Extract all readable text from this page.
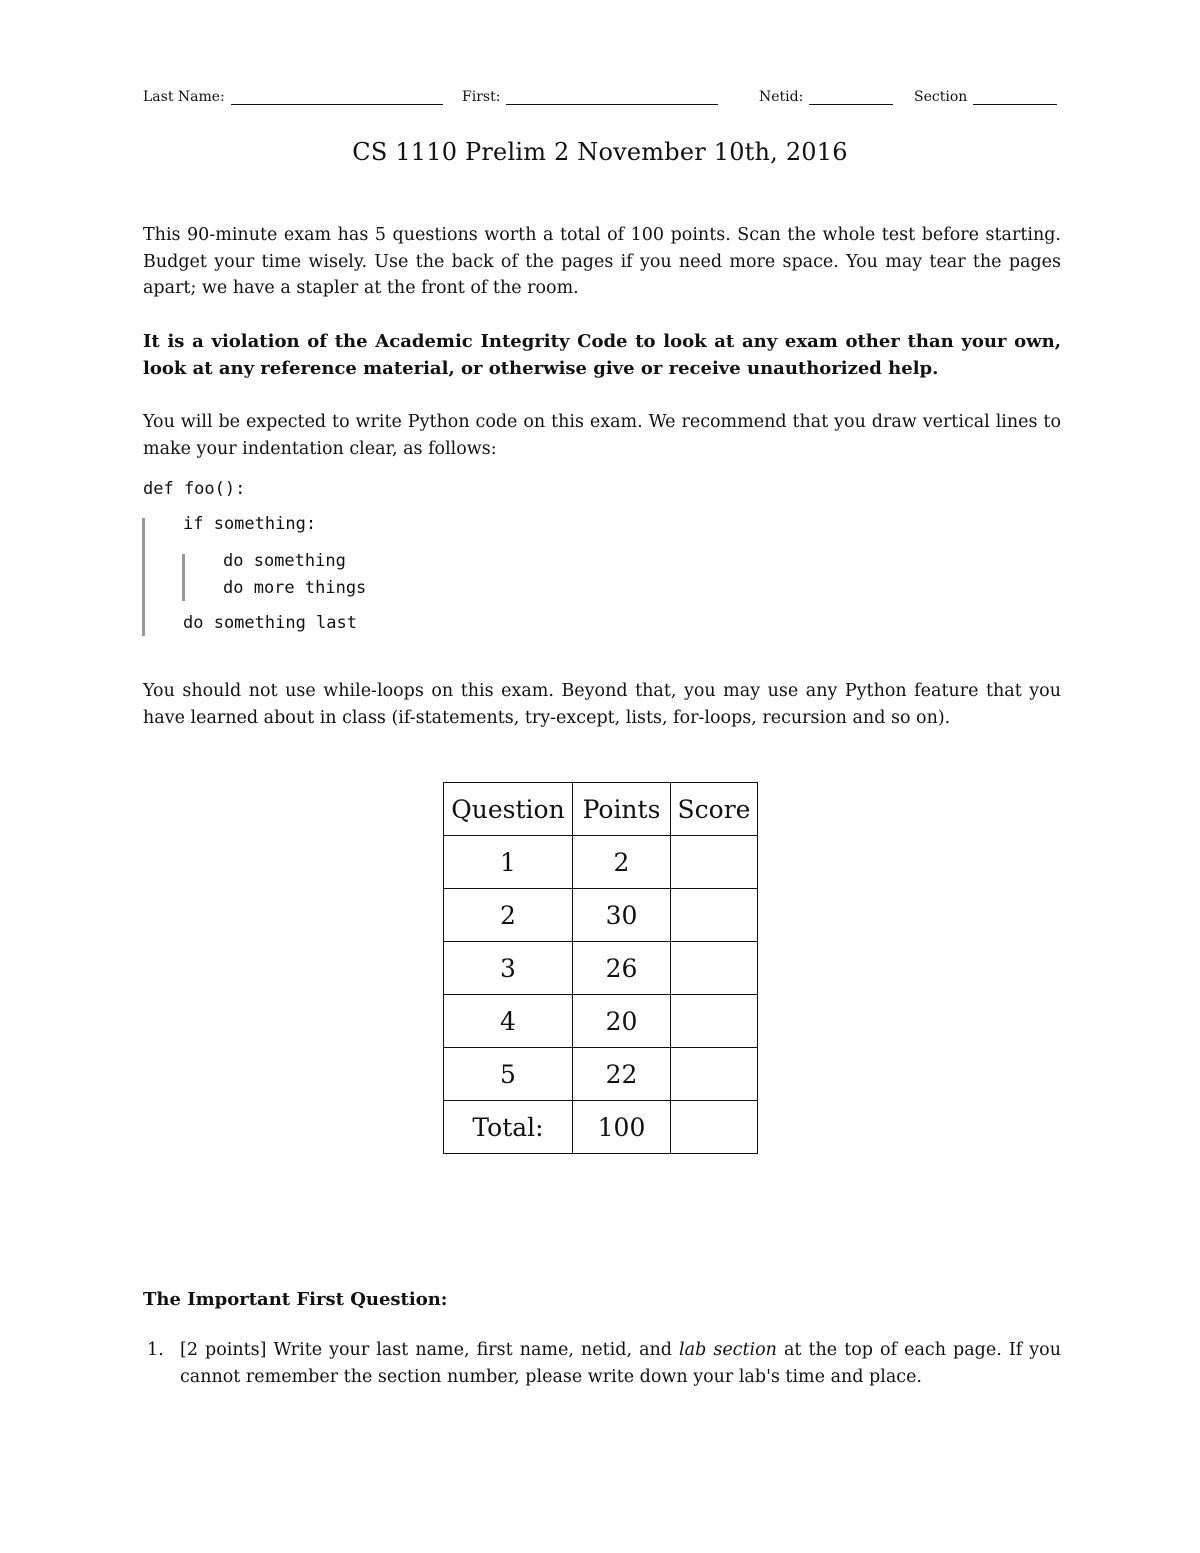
Last Name:	First:	Netid:	Section
CS 1110 Prelim 2 November 10th, 2016
This 90-minute exam has 5 questions worth a total of 100 points. Scan the whole test before starting. Budget your time wisely. Use the back of the pages if you need more space. You may tear the pages apart; we have a stapler at the front of the room.
It is a violation of the Academic Integrity Code to look at any exam other than your own, look at any reference material, or otherwise give or receive unauthorized help.
You will be expected to write Python code on this exam. We recommend that you draw vertical lines to make your indentation clear, as follows:
def foo():
if something:
do something
do more things
do something last
You should not use while-loops on this exam. Beyond that, you may use any Python feature that you have learned about in class (if-statements, try-except, lists, for-loops, recursion and so on).
Question	Points	Score
1	2	
2	30	
3	26	
4	20	
5	22	
Total:	100	
The Important First Question:
1. [2 points] Write your last name, first name, netid, and lab section at the top of each page. If you cannot remember the section number, please write down your lab's time and place.
